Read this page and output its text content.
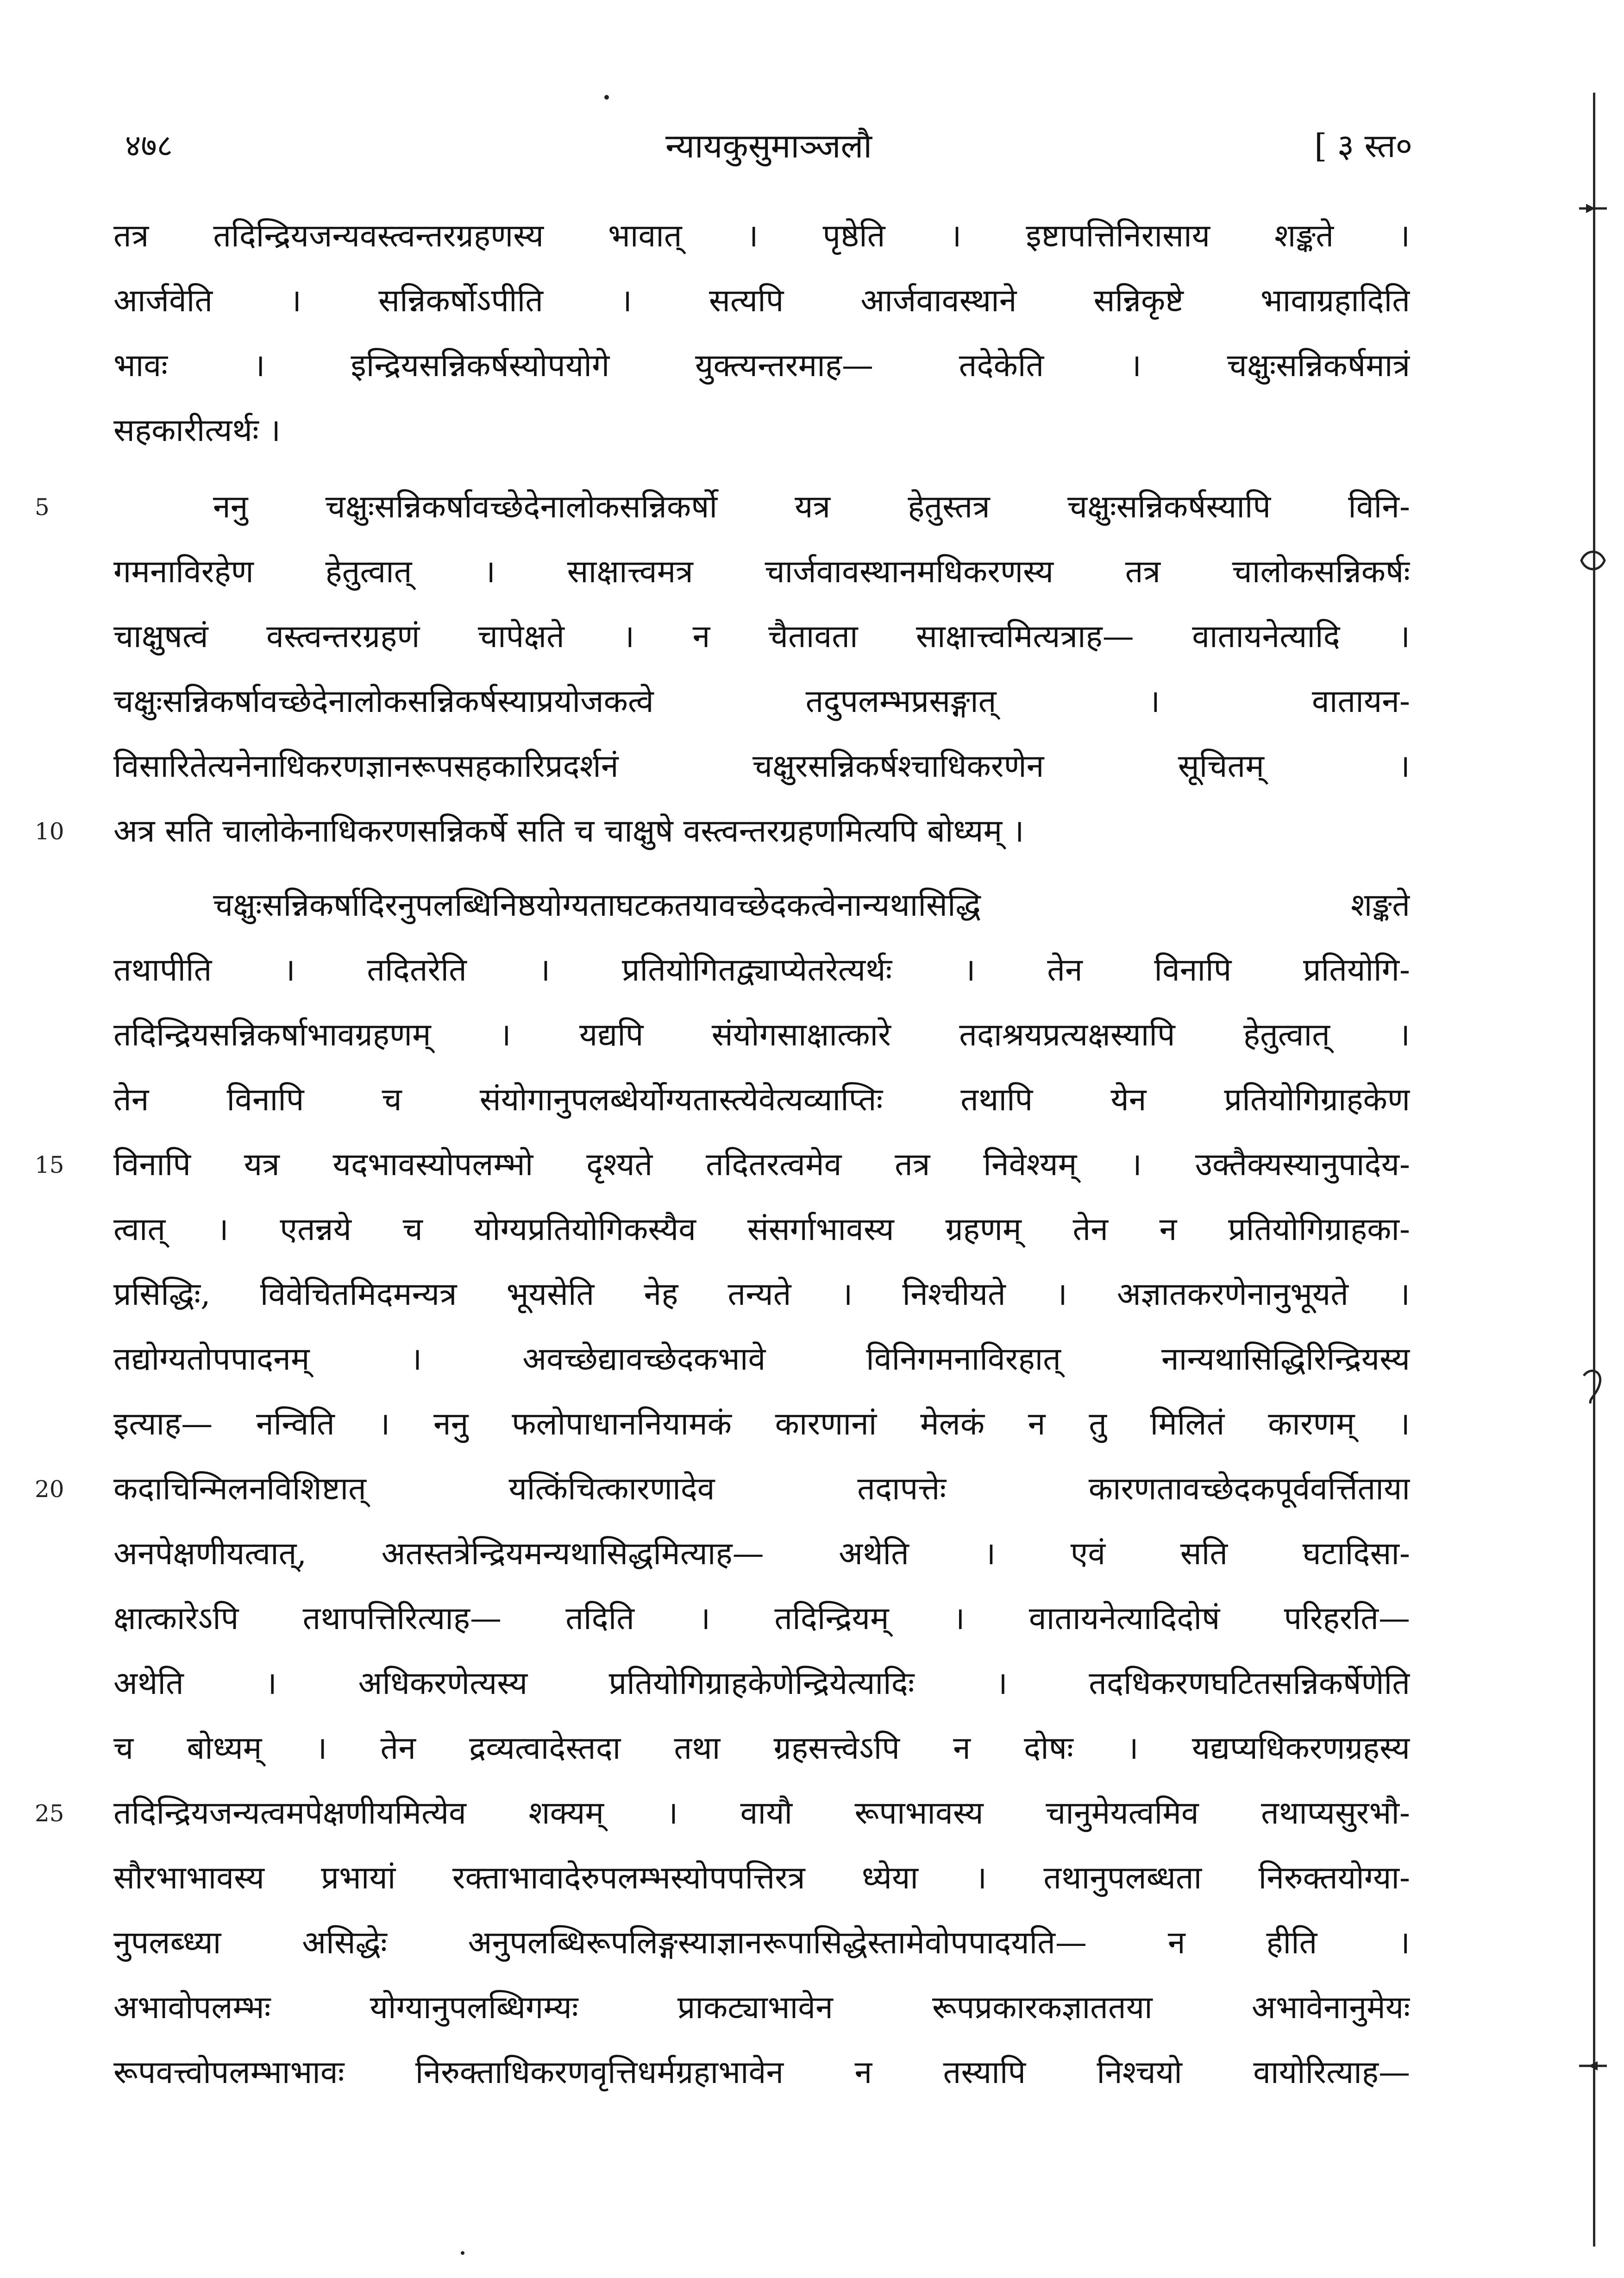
४७८	न्यायकुसुमाञ्जलौ	[ ३ स्त०
तत्र तदिन्द्रियजन्यवस्त्वन्तरग्रहणस्य भावात् । पृष्ठेति । इष्टापत्तिनिरासाय शङ्कते ।
आर्जवेति । सन्निकर्षोऽपीति । सत्यपि आर्जवावस्थाने सन्निकृष्टे भावाग्रहादिति
भावः । इन्द्रियसन्निकर्षस्योपयोगे युक्त्यन्तरमाह— तदेकेति । चक्षुःसन्निकर्षमात्रं
सहकारीत्यर्थः ।
5	ननु चक्षुःसन्निकर्षावच्छेदेनालोकसन्निकर्षो यत्र हेतुस्तत्र चक्षुःसन्निकर्षस्यापि विनि-
गमनाविरहेण हेतुत्वात् । साक्षात्त्वमत्र चार्जवावस्थानमधिकरणस्य तत्र चालोकसन्निकर्षः
चाक्षुषत्वं वस्त्वन्तरग्रहणं चापेक्षते । न चैतावता साक्षात्त्वमित्यत्राह— वातायनेत्यादि ।
चक्षुःसन्निकर्षावच्छेदेनालोकसन्निकर्षस्याप्रयोजकत्वे तदुपलम्भप्रसङ्गात् । वातायन-
विसारितेत्यनेनाधिकरणज्ञानरूपसहकारिप्रदर्शनं चक्षुरसन्निकर्षश्चाधिकरणेन सूचितम् ।
10	अत्र सति चालोकेनाधिकरणसन्निकर्षे सति च चाक्षुषे वस्त्वन्तरग्रहणमित्यपि बोध्यम् ।
चक्षुःसन्निकर्षादिरनुपलब्धिनिष्ठयोग्यताघटकतयावच्छेदकत्वेनान्यथासिद्धि शङ्कते
तथापीति । तदितरेति । प्रतियोगितद्व्याप्येतरेत्यर्थः । तेन विनापि प्रतियोगि-
तदिन्द्रियसन्निकर्षाभावग्रहणम् । यद्यपि संयोगसाक्षात्कारे तदाश्रयप्रत्यक्षस्यापि हेतुत्वात् ।
तेन विनापि च संयोगानुपलब्धेर्योग्यतास्त्येवेत्यव्याप्तिः तथापि येन प्रतियोगिग्राहकेण
15	विनापि यत्र यदभावस्योपलम्भो दृश्यते तदितरत्वमेव तत्र निवेश्यम् । उक्तैक्यस्यानुपादेय-
त्वात् । एतन्नये च योग्यप्रतियोगिकस्यैव संसर्गाभावस्य ग्रहणम् तेन न प्रतियोगिग्राहका-
प्रसिद्धिः, विवेचितमिदमन्यत्र भूयसेति नेह तन्यते । निश्चीयते । अज्ञातकरणेनानुभूयते ।
तद्योग्यतोपपादनम् । अवच्छेद्यावच्छेदकभावे विनिगमनाविरहात् नान्यथासिद्धिरिन्द्रियस्य
इत्याह— नन्विति । ननु फलोपाधाननियामकं कारणानां मेलकं न तु मिलितं कारणम् ।
20	कदाचिन्मिलनविशिष्टात् यत्किंचित्कारणादेव तदापत्तेः कारणतावच्छेदकपूर्ववर्त्तिताया
अनपेक्षणीयत्वात्, अतस्तत्रेन्द्रियमन्यथासिद्धमित्याह— अथेति । एवं सति घटादिसा-
क्षात्कारेऽपि तथापत्तिरित्याह— तदिति । तदिन्द्रियम् । वातायनेत्यादिदोषं परिहरति—
अथेति । अधिकरणेत्यस्य प्रतियोगिग्राहकेणेन्द्रियेत्यादिः । तदधिकरणघटितसन्निकर्षेणेति
च बोध्यम् । तेन द्रव्यत्वादेस्तदा तथा ग्रहसत्त्वेऽपि न दोषः । यद्यप्यधिकरणग्रहस्य
25	तदिन्द्रियजन्यत्वमपेक्षणीयमित्येव शक्यम् । वायौ रूपाभावस्य चानुमेयत्वमिव तथाप्यसुरभौ-
सौरभाभावस्य प्रभायां रक्ताभावादेरुपलम्भस्योपपत्तिरत्र ध्येया । तथानुपलब्धता निरुक्तयोग्या-
नुपलब्ध्या असिद्धेः अनुपलब्धिरूपलिङ्गस्याज्ञानरूपासिद्धेस्तामेवोपपादयति— न हीति ।
अभावोपलम्भः योग्यानुपलब्धिगम्यः प्राकट्याभावेन रूपप्रकारकज्ञाततया अभावेनानुमेयः
रूपवत्त्वोपलम्भाभावः निरुक्ताधिकरणवृत्तिधर्मग्रहाभावेन न तस्यापि निश्चयो वायोरित्याह—
